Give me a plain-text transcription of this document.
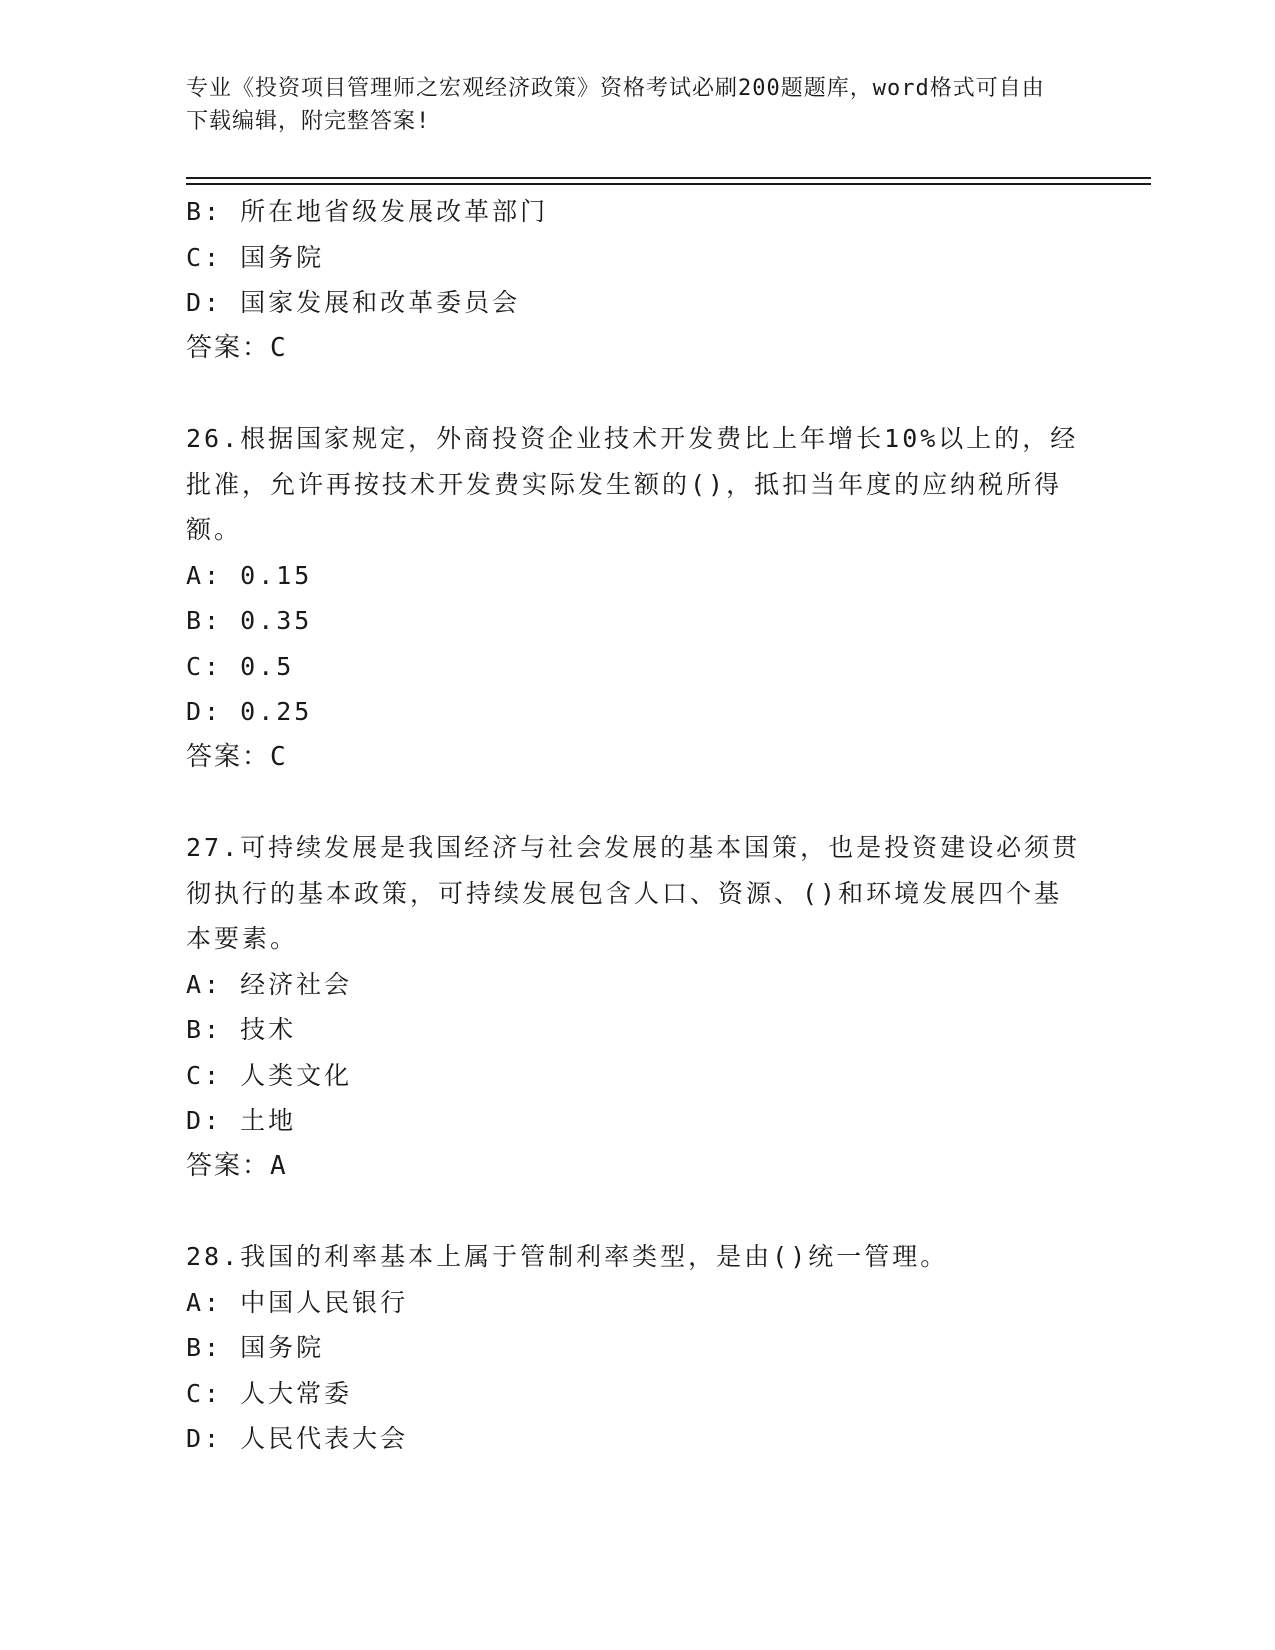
专业《投资项目管理师之宏观经济政策》资格考试必刷200题题库，word格式可自由下载编辑，附完整答案!

B: 所在地省级发展改革部门

C: 国务院

D: 国家发展和改革委员会

答案：C

26.根据国家规定，外商投资企业技术开发费比上年增长10%以上的，经批准，允许再按技术开发费实际发生额的()，抵扣当年度的应纳税所得额。

A: 0.15

B: 0.35

C: 0.5

D: 0.25

答案：C

27.可持续发展是我国经济与社会发展的基本国策，也是投资建设必须贯彻执行的基本政策，可持续发展包含人口、资源、()和环境发展四个基本要素。

A: 经济社会

B: 技术

C: 人类文化

D: 土地

答案：A

28.我国的利率基本上属于管制利率类型，是由()统一管理。

A: 中国人民银行

B: 国务院

C: 人大常委

D: 人民代表大会
